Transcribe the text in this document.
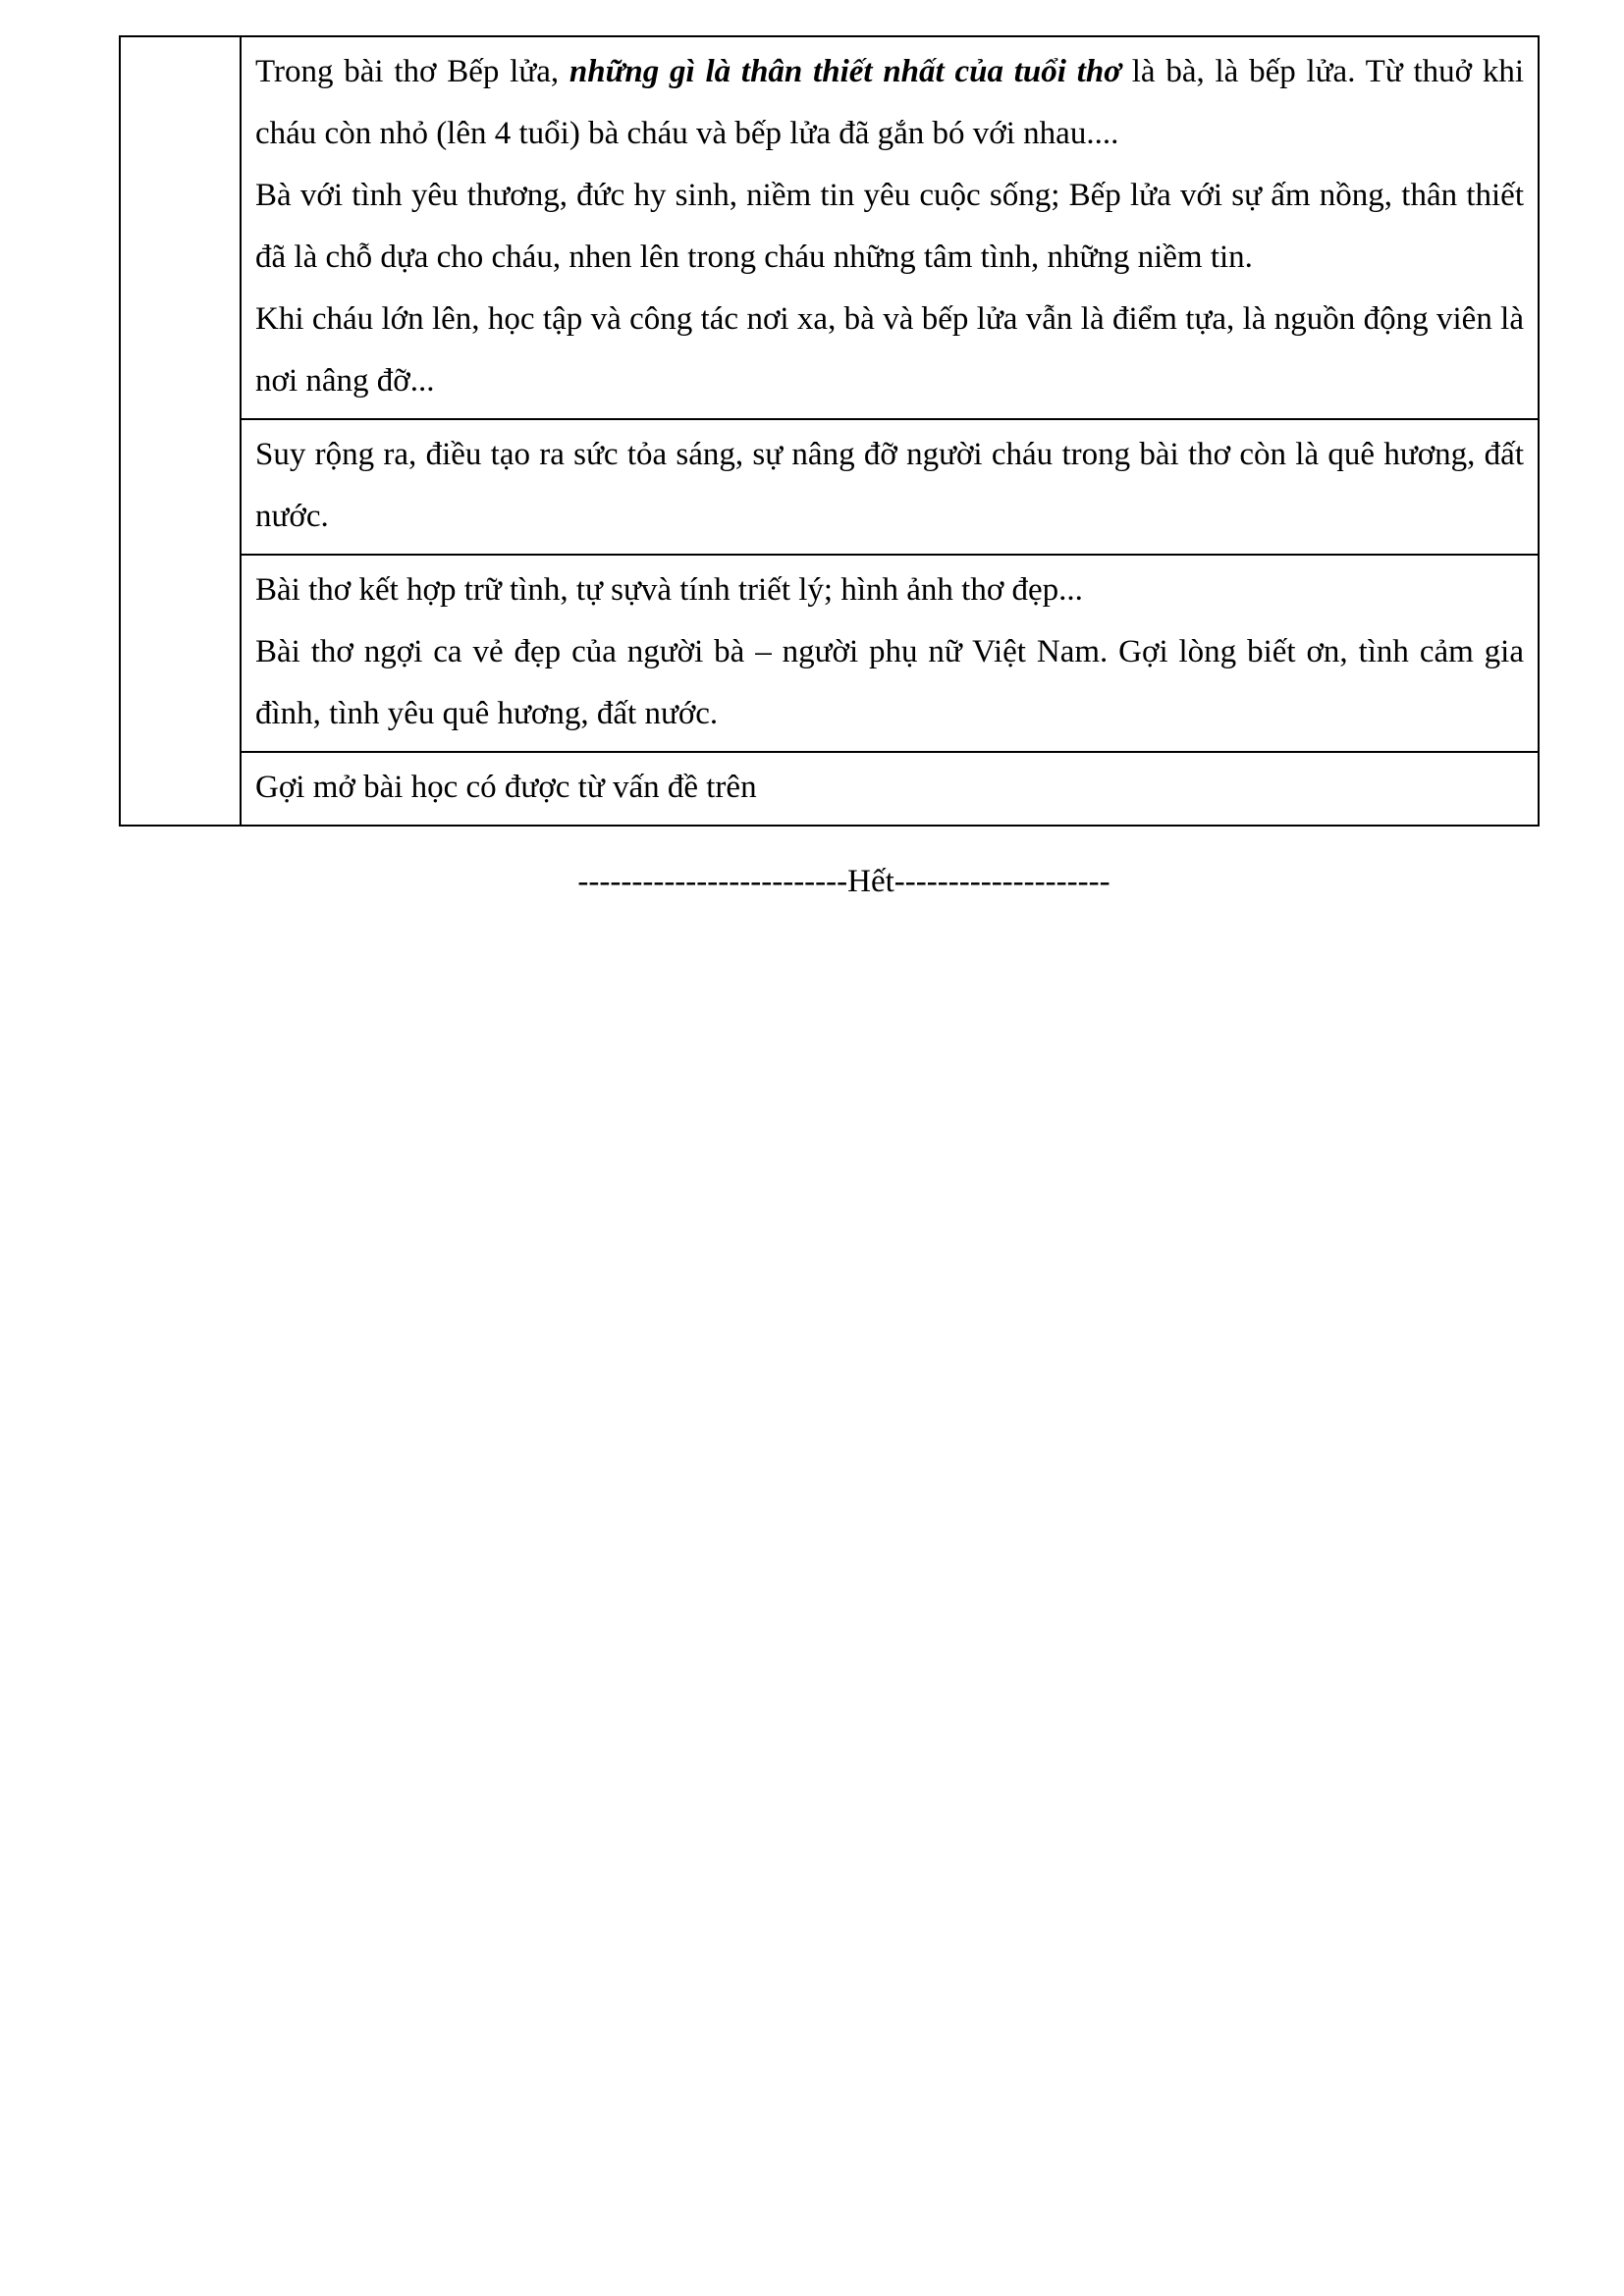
Trong bài thơ Bếp lửa, những gì là thân thiết nhất của tuổi thơ là bà, là bếp lửa. Từ thuở khi cháu còn nhỏ (lên 4 tuổi) bà cháu và bếp lửa đã gắn bó với nhau....

Bà với tình yêu thương, đức hy sinh, niềm tin yêu cuộc sống; Bếp lửa với sự ấm nồng, thân thiết đã là chỗ dựa cho cháu, nhen lên trong cháu những tâm tình, những niềm tin.

Khi cháu lớn lên, học tập và công tác nơi xa, bà và bếp lửa vẫn là điểm tựa, là nguồn động viên là nơi nâng đỡ...

Suy rộng ra, điều tạo ra sức tỏa sáng, sự nâng đỡ người cháu trong bài thơ còn là quê hương, đất nước.

Bài thơ kết hợp trữ tình, tự sựvà tính triết lý; hình ảnh thơ đẹp...

Bài thơ ngợi ca vẻ đẹp của người bà – người phụ nữ Việt Nam. Gợi lòng biết ơn, tình cảm gia đình, tình yêu quê hương, đất nước.

Gợi mở bài học có được từ vấn đề trên

-------------------------Hết--------------------
